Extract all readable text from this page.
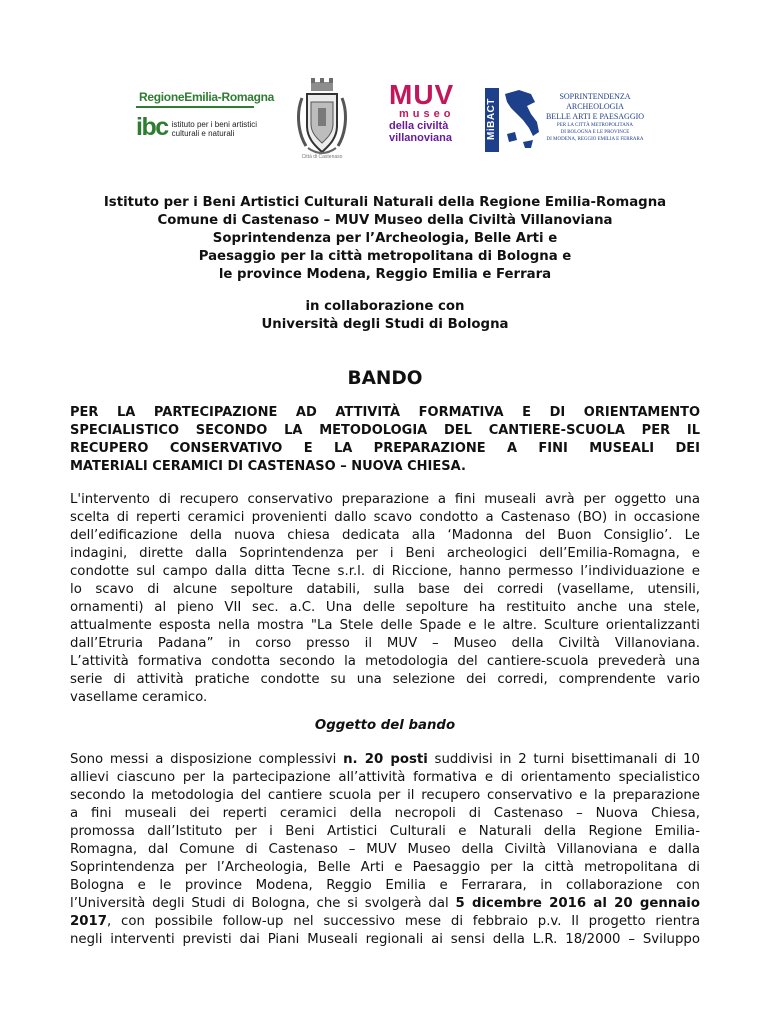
RegioneEmilia-Romagna
ibc istituto per i beni artistici
culturali e naturali
Città di Castenaso
MUV
museo
della civiltà
villanoviana	MiBACT
SOPRINTENDENZA
ARCHEOLOGIA
BELLE ARTI E PAESAGGIO
PER LA CITTÀ METROPOLITANA
DI BOLOGNA E LE PROVINCE
DI MODENA, REGGIO EMILIA E FERRARA
Istituto per i Beni Artistici Culturali Naturali della Regione Emilia-Romagna
Comune di Castenaso – MUV Museo della Civiltà Villanoviana
Soprintendenza per l’Archeologia, Belle Arti e
Paesaggio per la città metropolitana di Bologna e
le province Modena, Reggio Emilia e Ferrara
in collaborazione con
Università degli Studi di Bologna
BANDO
PER LA PARTECIPAZIONE AD ATTIVITÀ FORMATIVA E DI ORIENTAMENTO
SPECIALISTICO SECONDO LA METODOLOGIA DEL CANTIERE-SCUOLA PER IL
RECUPERO CONSERVATIVO E LA PREPARAZIONE A FINI MUSEALI DEI
MATERIALI CERAMICI DI CASTENASO – NUOVA CHIESA.
L'intervento di recupero conservativo preparazione a fini museali avrà per oggetto una
scelta di reperti ceramici provenienti dallo scavo condotto a Castenaso (BO) in occasione
dell’edificazione della nuova chiesa dedicata alla ‘Madonna del Buon Consiglio’. Le
indagini, dirette dalla Soprintendenza per i Beni archeologici dell’Emilia-Romagna, e
condotte sul campo dalla ditta Tecne s.r.l. di Riccione, hanno permesso l’individuazione e
lo scavo di alcune sepolture databili, sulla base dei corredi (vasellame, utensili,
ornamenti) al pieno VII sec. a.C. Una delle sepolture ha restituito anche una stele,
attualmente esposta nella mostra "La Stele delle Spade e le altre. Sculture orientalizzanti
dall’Etruria Padana” in corso presso il MUV – Museo della Civiltà Villanoviana.
L’attività formativa condotta secondo la metodologia del cantiere-scuola prevederà una
serie di attività pratiche condotte su una selezione dei corredi, comprendente vario
vasellame ceramico.
Oggetto del bando
Sono messi a disposizione complessivi n. 20 posti suddivisi in 2 turni bisettimanali di 10
allievi ciascuno per la partecipazione all’attività formativa e di orientamento specialistico
secondo la metodologia del cantiere scuola per il recupero conservativo e la preparazione
a fini museali dei reperti ceramici della necropoli di Castenaso – Nuova Chiesa,
promossa dall’Istituto per i Beni Artistici Culturali e Naturali della Regione Emilia-
Romagna, dal Comune di Castenaso – MUV Museo della Civiltà Villanoviana e dalla
Soprintendenza per l’Archeologia, Belle Arti e Paesaggio per la città metropolitana di
Bologna e le province Modena, Reggio Emilia e Ferrarara, in collaborazione con
l’Università degli Studi di Bologna, che si svolgerà dal 5 dicembre 2016 al 20 gennaio
2017, con possibile follow-up nel successivo mese di febbraio p.v. Il progetto rientra
negli interventi previsti dai Piani Museali regionali ai sensi della L.R. 18/2000 – Sviluppo
